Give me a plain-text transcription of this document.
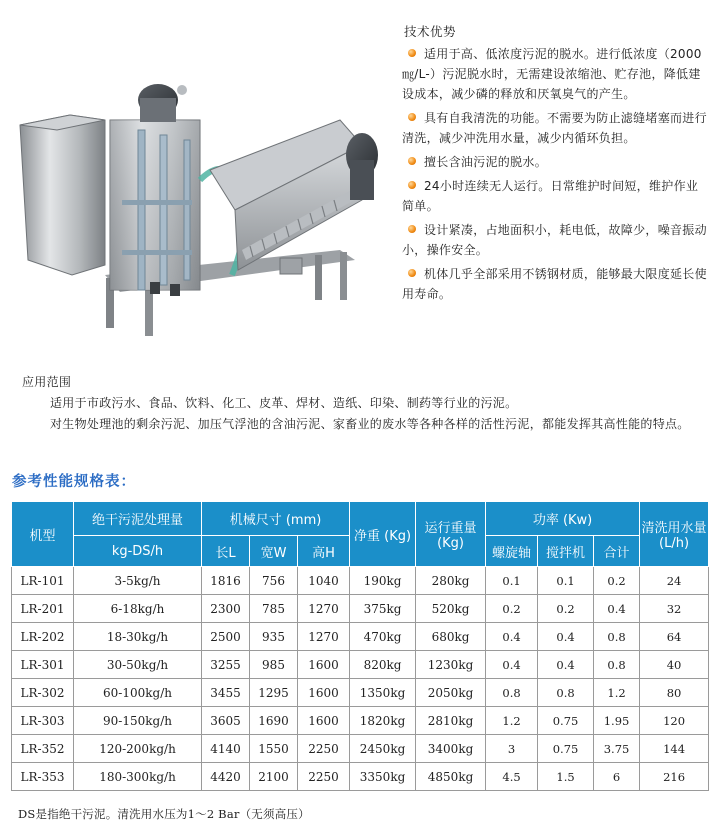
技术优势
适用于高、低浓度污泥的脱水。进行低浓度（2000㎎/L-）污泥脱水时，无需建设浓缩池、贮存池，降低建设成本，减少磷的释放和厌氧臭气的产生。
具有自我清洗的功能。不需要为防止滤缝堵塞而进行清洗，减少冲洗用水量，减少内循环负担。
擅长含油污泥的脱水。
24小时连续无人运行。日常维护时间短，维护作业简单。
设计紧凑，占地面积小，耗电低，故障少，噪音振动小，操作安全。
机体几乎全部采用不锈钢材质，能够最大限度延长使用寿命。

应用范围

适用于市政污水、食品、饮料、化工、皮革、焊材、造纸、印染、制药等行业的污泥。

对生物处理池的剩余污泥、加压气浮池的含油污泥、家畜业的废水等各种各样的活性污泥，都能发挥其高性能的特点。

参考性能规格表：
机型	绝干污泥处理量	机械尺寸 (mm)			净重 (Kg)	运行重量 (Kg)	功率 (Kw)			清洗用水量 (L/h)
	kg-DS/h	长L	宽W	高H			螺旋轴	搅拌机	合计	
LR-101	3-5kg/h	1816	756	1040	190kg	280kg	0.1	0.1	0.2	24
LR-201	6-18kg/h	2300	785	1270	375kg	520kg	0.2	0.2	0.4	32
LR-202	18-30kg/h	2500	935	1270	470kg	680kg	0.4	0.4	0.8	64
LR-301	30-50kg/h	3255	985	1600	820kg	1230kg	0.4	0.4	0.8	40
LR-302	60-100kg/h	3455	1295	1600	1350kg	2050kg	0.8	0.8	1.2	80
LR-303	90-150kg/h	3605	1690	1600	1820kg	2810kg	1.2	0.75	1.95	120
LR-352	120-200kg/h	4140	1550	2250	2450kg	3400kg	3	0.75	3.75	144
LR-353	180-300kg/h	4420	2100	2250	3350kg	4850kg	4.5	1.5	6	216
DS是指绝干污泥。清洗用水压为1～2 Bar（无须高压）
